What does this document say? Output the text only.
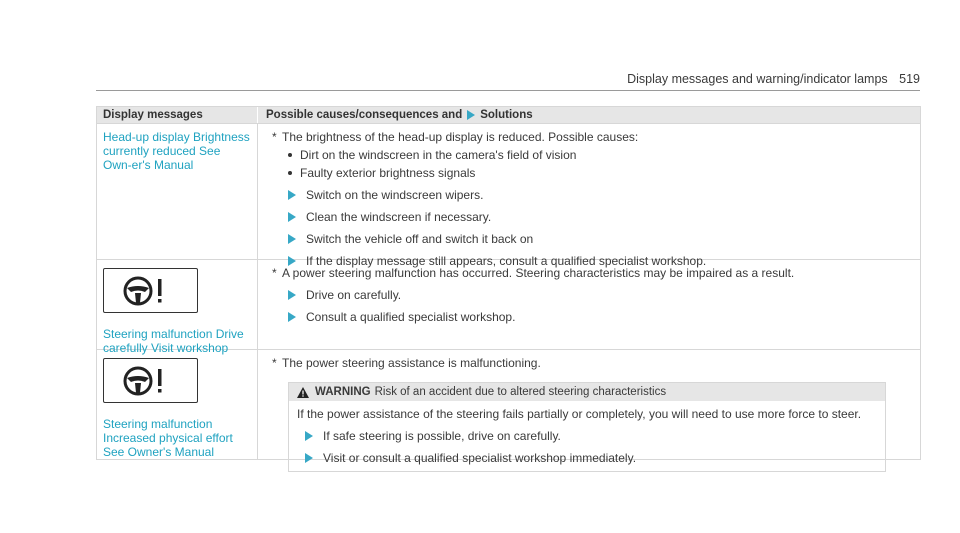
Display messages and warning/indicator lamps 519
Display messages	Possible causes/consequences and Solutions
Head-up display Brightness currently reduced See Own-er's Manual
* The brightness of the head-up display is reduced. Possible causes:
Dirt on the windscreen in the camera's field of vision
Faulty exterior brightness signals
Switch on the windscreen wipers.
Clean the windscreen if necessary.
Switch the vehicle off and switch it back on
If the display message still appears, consult a qualified specialist workshop.
Steering malfunction Drive carefully Visit workshop
* A power steering malfunction has occurred. Steering characteristics may be impaired as a result.
Drive on carefully.
Consult a qualified specialist workshop.
Steering malfunction
Increased physical effort
See Owner's Manual
* The power steering assistance is malfunctioning.
WARNING Risk of an accident due to altered steering characteristics
If the power assistance of the steering fails partially or completely, you will need to use more force to steer.
If safe steering is possible, drive on carefully.
Visit or consult a qualified specialist workshop immediately.
